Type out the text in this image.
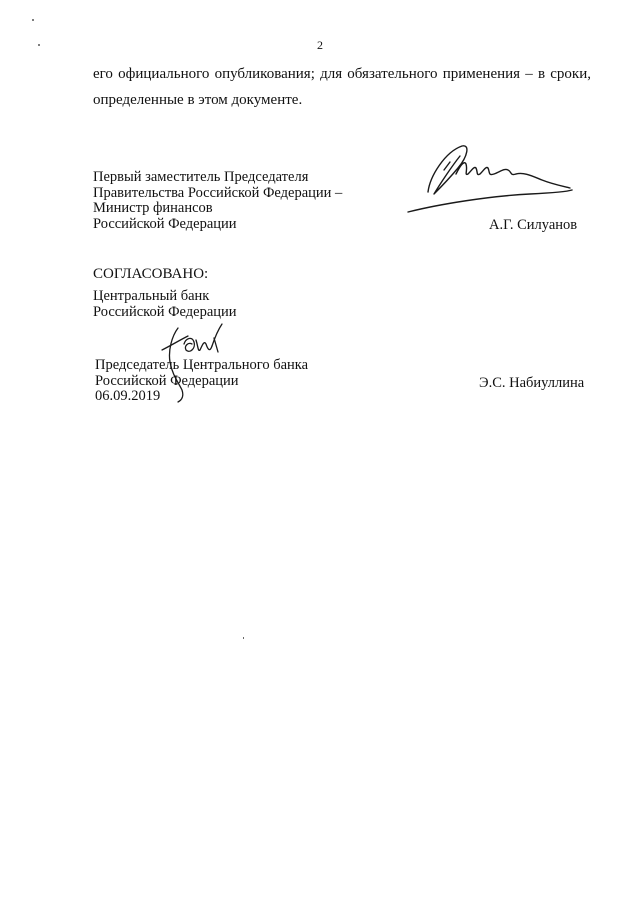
2
его официального опубликования; для обязательного применения – в сроки,
определенные в этом документе.
Первый заместитель Председателя
Правительства Российской Федерации –
Министр финансов
Российской Федерации	А.Г. Силуанов
СОГЛАСОВАНО:
Центральный банк
Российской Федерации
Председатель Центрального банка
Российской Федерации
06.09.2019
Э.С. Набиуллина
